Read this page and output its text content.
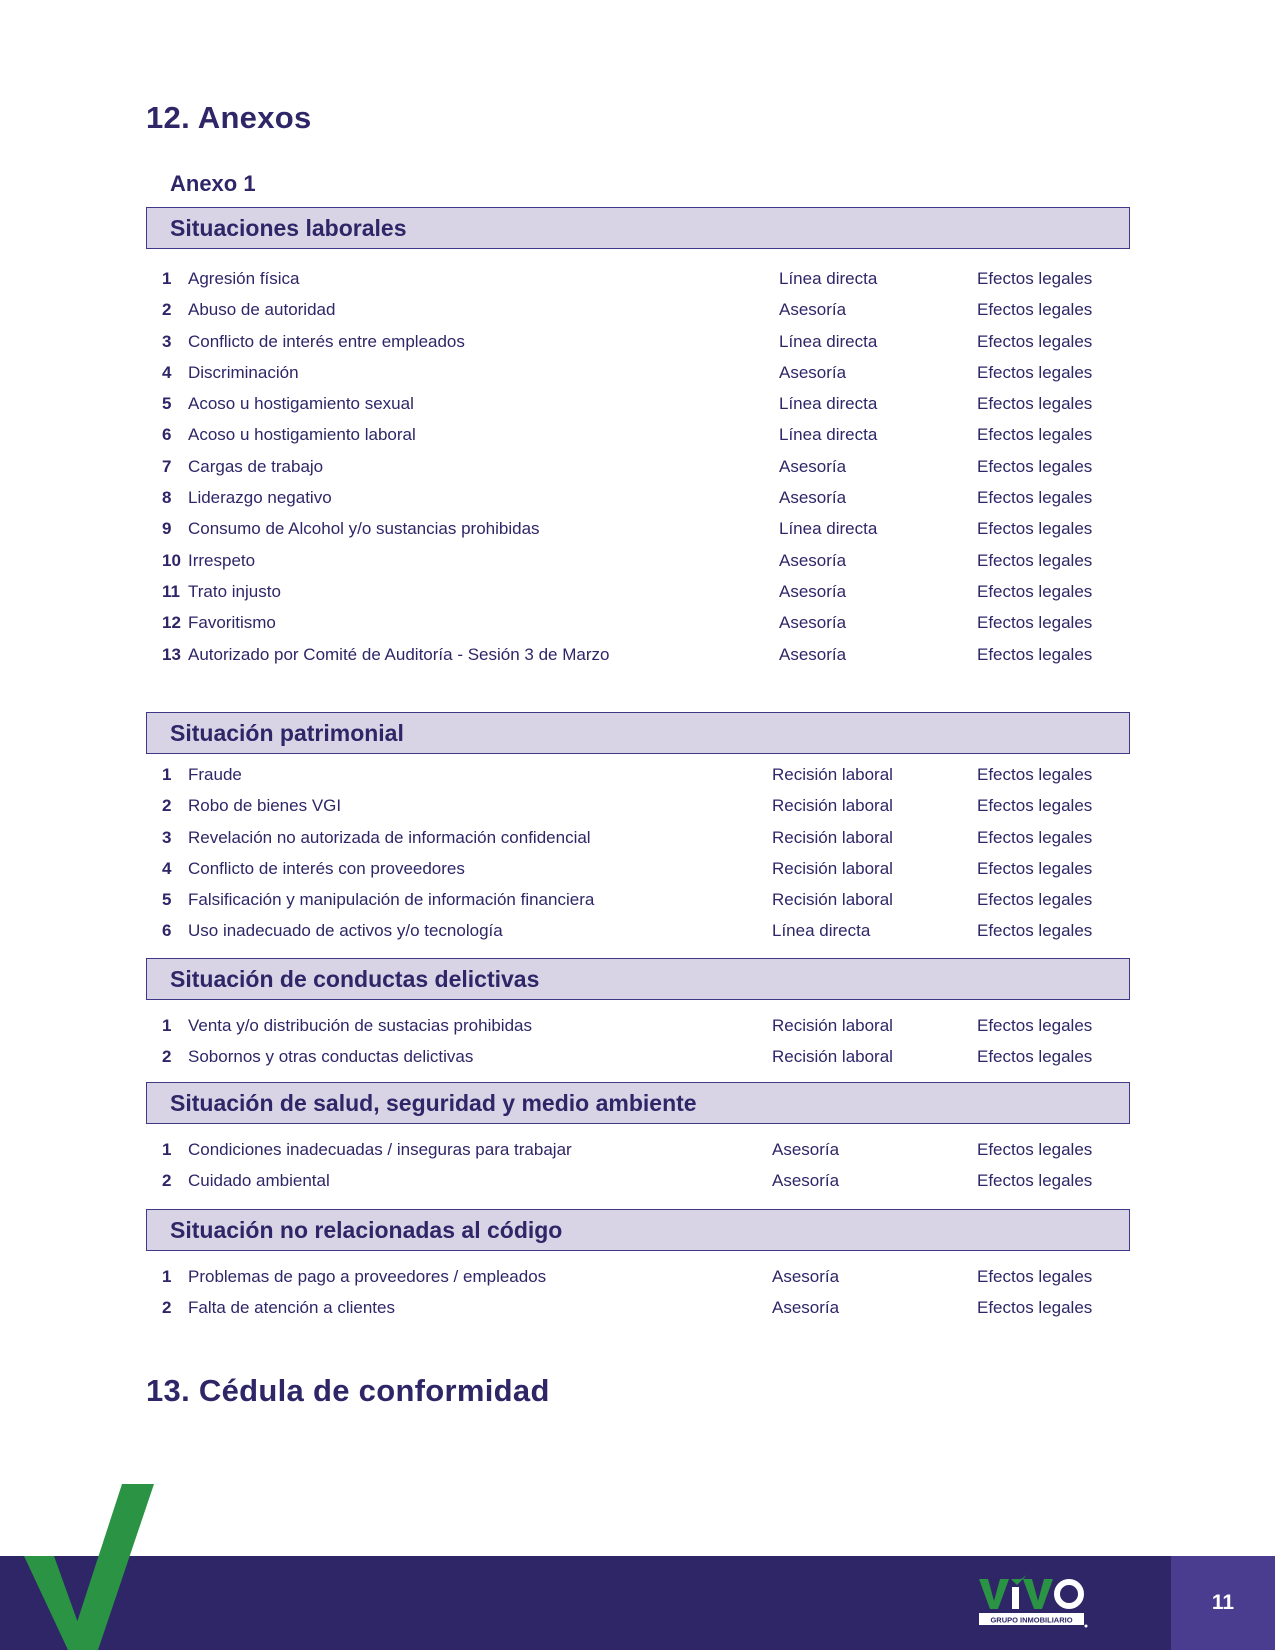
12. Anexos
Anexo 1
Situaciones laborales
1 Agresión física	Línea directa	Efectos legales
2 Abuso de autoridad	Asesoría	Efectos legales
3 Conflicto de interés entre empleados	Línea directa	Efectos legales
4 Discriminación	Asesoría	Efectos legales
5 Acoso u hostigamiento sexual	Línea directa	Efectos legales
6 Acoso u hostigamiento laboral	Línea directa	Efectos legales
7 Cargas de trabajo	Asesoría	Efectos legales
8 Liderazgo negativo	Asesoría	Efectos legales
9 Consumo de Alcohol y/o sustancias prohibidas	Línea directa	Efectos legales
10 Irrespeto	Asesoría	Efectos legales
11 Trato injusto	Asesoría	Efectos legales
12 Favoritismo	Asesoría	Efectos legales
13 Autorizado por Comité de Auditoría - Sesión 3 de Marzo	Asesoría	Efectos legales
Situación patrimonial
1 Fraude	Recisión laboral	Efectos legales
2 Robo de bienes VGI	Recisión laboral	Efectos legales
3 Revelación no autorizada de información confidencial	Recisión laboral	Efectos legales
4 Conflicto de interés con proveedores	Recisión laboral	Efectos legales
5 Falsificación y manipulación de información financiera	Recisión laboral	Efectos legales
6 Uso inadecuado de activos y/o tecnología	Línea directa	Efectos legales
Situación de conductas delictivas
1 Venta y/o distribución de sustacias prohibidas	Recisión laboral	Efectos legales
2 Sobornos y otras conductas delictivas	Recisión laboral	Efectos legales
Situación de salud, seguridad y medio ambiente
1 Condiciones inadecuadas / inseguras para trabajar	Asesoría	Efectos legales
2 Cuidado ambiental	Asesoría	Efectos legales
Situación no relacionadas al código
1 Problemas de pago a proveedores / empleados	Asesoría	Efectos legales
2 Falta de atención a clientes	Asesoría	Efectos legales
13. Cédula de conformidad
11
GRUPO INMOBILIARIO
